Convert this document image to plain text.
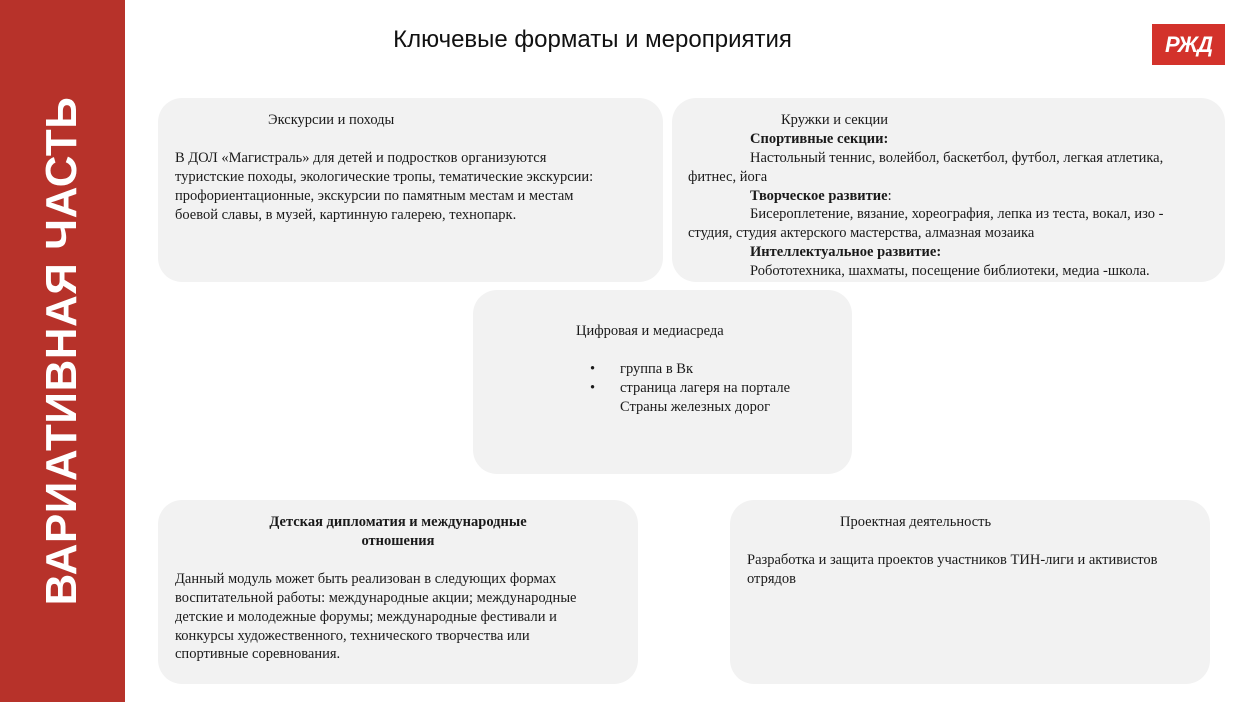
ВАРИАТИВНАЯ ЧАСТЬ
Ключевые форматы и мероприятия	РЖД
Экскурсии и походы
В ДОЛ «Магистраль» для детей и подростков организуются
туристские походы, экологические тропы, тематические экскурсии:
профориентационные, экскурсии по памятным местам и местам
боевой славы, в музей, картинную галерею, технопарк.
Кружки и секции
Спортивные секции:
Настольный теннис, волейбол, баскетбол, футбол, легкая атлетика,
фитнес, йога
Творческое развитие:
Бисероплетение, вязание, хореография, лепка из теста, вокал, изо -
студия, студия актерского мастерства, алмазная мозаика
Интеллектуальное развитие:
Робототехника, шахматы, посещение библиотеки, медиа -школа.
Цифровая и медиасреда
• группа в Вк
• страница лагеря на портале
Страны железных дорог
Детская дипломатия и международные
отношения
Данный модуль может быть реализован в следующих формах
воспитательной работы: международные акции; международные
детские и молодежные форумы; международные фестивали и
конкурсы художественного, технического творчества или
спортивные соревнования.
Проектная деятельность
Разработка и защита проектов участников ТИН-лиги и активистов
отрядов
